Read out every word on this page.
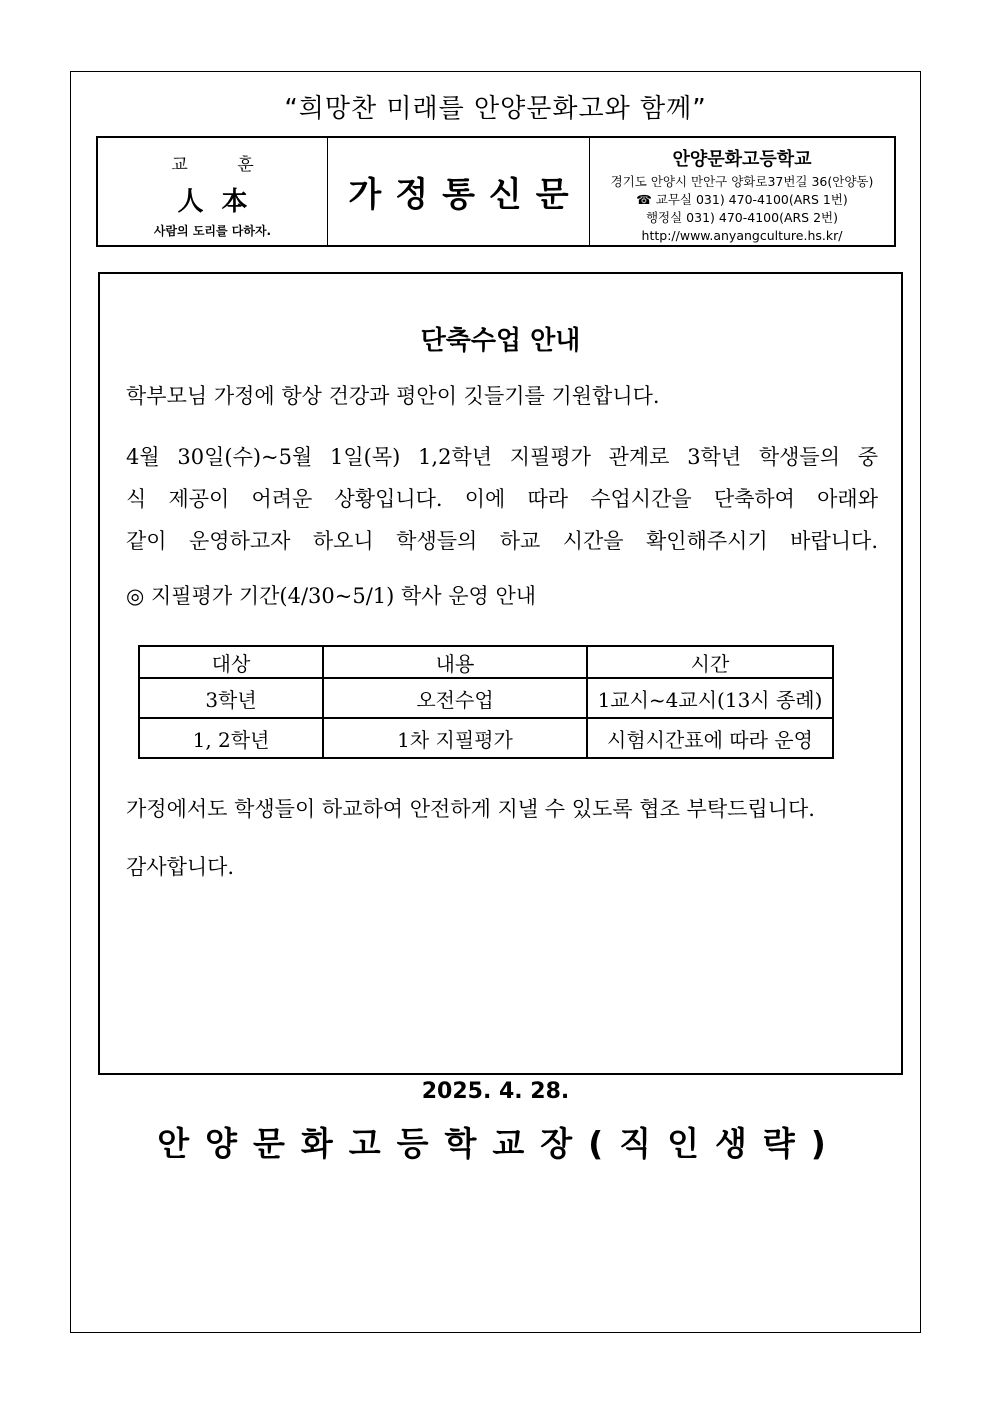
“희망찬 미래를 안양문화고와 함께”
교 훈
人本
사람의 도리를 다하자.
가정통신문
안양문화고등학교
경기도 안양시 만안구 양화로37번길 36(안양동)
☎ 교무실 031) 470-4100(ARS 1번)
행정실 031) 470-4100(ARS 2번)
http://www.anyangculture.hs.kr/
단축수업 안내
학부모님 가정에 항상 건강과 평안이 깃들기를 기원합니다.
4월 30일(수)~5월 1일(목) 1,2학년 지필평가 관계로 3학년 학생들의 중
식 제공이 어려운 상황입니다. 이에 따라 수업시간을 단축하여 아래와
같이 운영하고자 하오니 학생들의 하교 시간을 확인해주시기 바랍니다.
◎ 지필평가 기간(4/30~5/1) 학사 운영 안내
대상	내용	시간
3학년	오전수업	1교시~4교시(13시 종례)
1, 2학년	1차 지필평가	시험시간표에 따라 운영
가정에서도 학생들이 하교하여 안전하게 지낼 수 있도록 협조 부탁드립니다.
감사합니다.
2025. 4. 28.
안양문화고등학교장(직인생략)
